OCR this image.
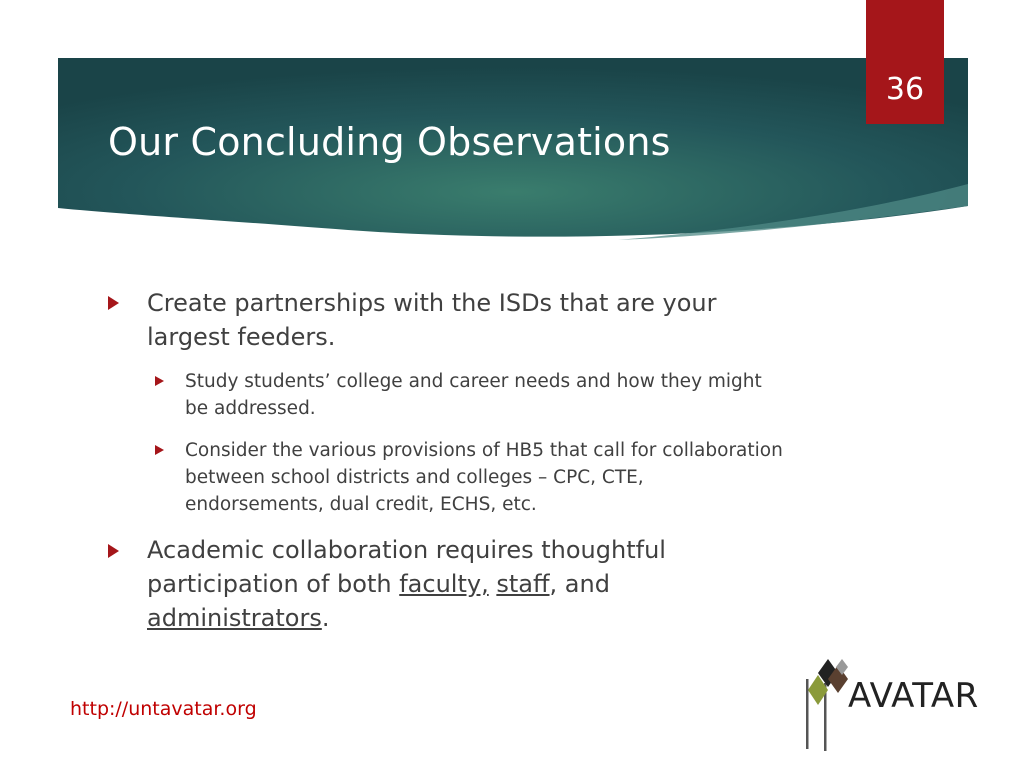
Our Concluding Observations
36
Create partnerships with the ISDs that are your largest feeders.
Study students’ college and career needs and how they might be addressed.
Consider the various provisions of HB5 that call for collaboration between school districts and colleges – CPC, CTE, endorsements, dual credit, ECHS, etc.
Academic collaboration requires thoughtful participation of both faculty, staff, and administrators.
http://untavatar.org	AVATAR
